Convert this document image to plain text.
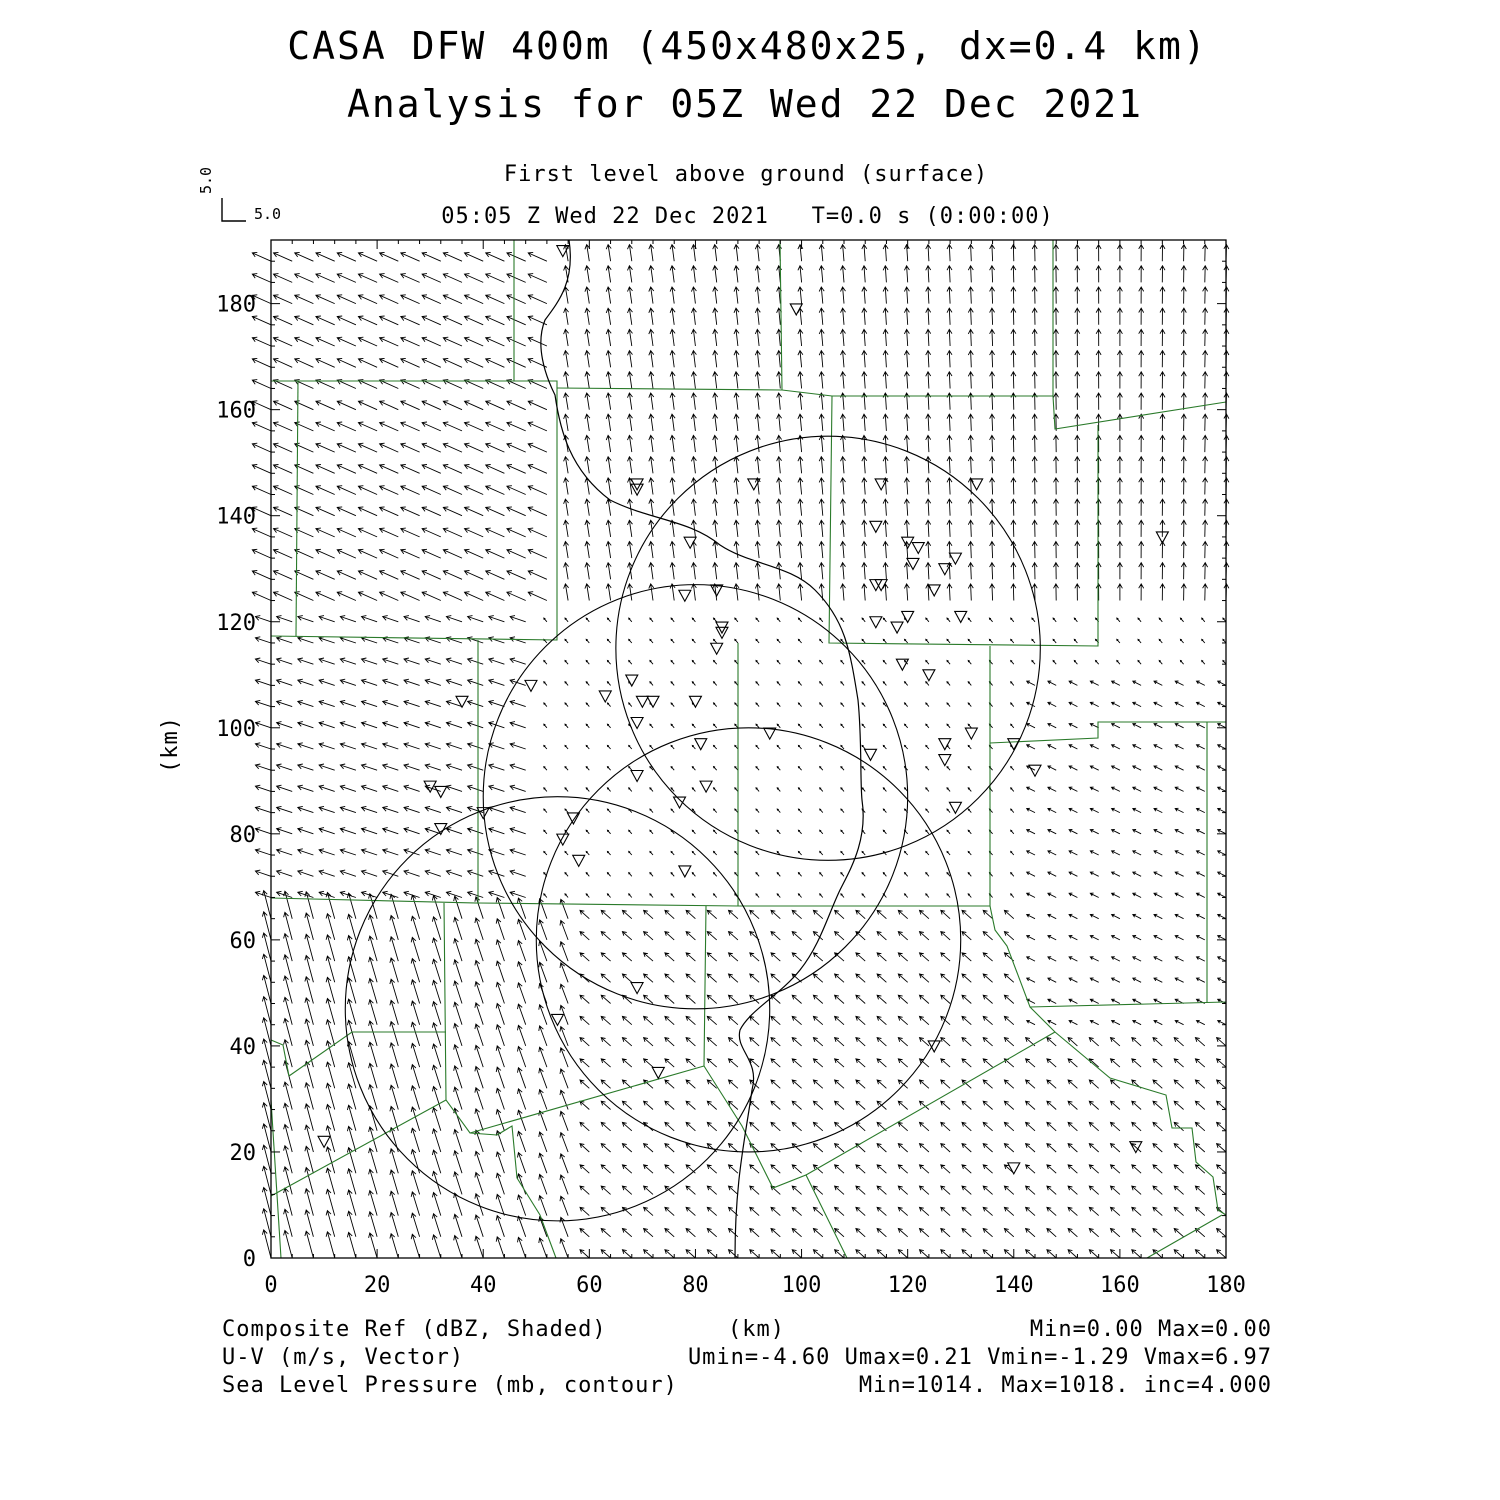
CASA DFW 400m (450x480x25, dx=0.4 km)
Analysis for 05Z Wed 22 Dec 2021
First level above ground (surface)
05:05 Z Wed 22 Dec 2021   T=0.0 s (0:00:00)
0	20	40	60	80	100	120	140	160	180
0
20
40
60
80
100
120
140
160
180
5.0
5.0
(km)
(km)
Composite Ref (dBZ, Shaded)	Min=0.00 Max=0.00
U-V (m/s, Vector)	Umin=-4.60 Umax=0.21 Vmin=-1.29 Vmax=6.97
Sea Level Pressure (mb, contour)	Min=1014. Max=1018. inc=4.000
